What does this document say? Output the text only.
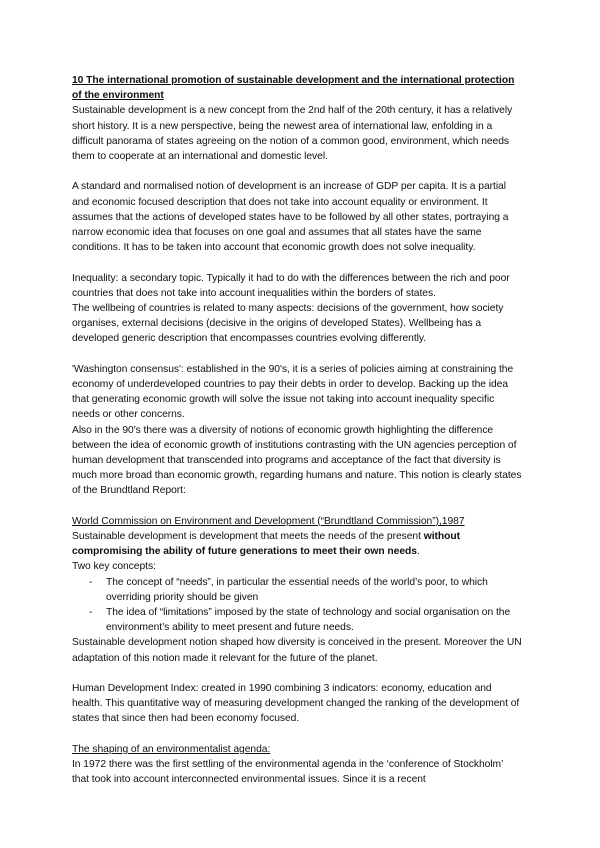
10 The international promotion of sustainable development and the international protection of the environment

Sustainable development is a new concept from the 2nd half of the 20th century, it has a relatively short history. It is a new perspective, being the newest area of international law, enfolding in a difficult panorama of states agreeing on the notion of a common good, environment, which needs them to cooperate at an international and domestic level.

A standard and normalised notion of development is an increase of GDP per capita. It is a partial and economic focused description that does not take into account equality or environment. It assumes that the actions of developed states have to be followed by all other states, portraying a narrow economic idea that focuses on one goal and assumes that all states have the same conditions. It has to be taken into account that economic growth does not solve inequality.

Inequality: a secondary topic. Typically it had to do with the differences between the rich and poor countries that does not take into account inequalities within the borders of states.

The wellbeing of countries is related to many aspects: decisions of the government, how society organises, external decisions (decisive in the origins of developed States). Wellbeing has a developed generic description that encompasses countries evolving differently.

'Washington consensus': established in the 90's, it is a series of policies aiming at constraining the economy of underdeveloped countries to pay their debts in order to develop. Backing up the idea that generating economic growth will solve the issue not taking into account inequality specific needs or other concerns.

Also in the 90's there was a diversity of notions of economic growth highlighting the difference between the idea of economic growth of institutions contrasting with the UN agencies perception of human development that transcended into programs and acceptance of the fact that diversity is much more broad than economic growth, regarding humans and nature. This notion is clearly states of the Brundtland Report:

World Commission on Environment and Development (“Brundtland Commission”),1987

Sustainable development is development that meets the needs of the present without compromising the ability of future generations to meet their own needs.

Two key concepts:

- The concept of “needs”, in particular the essential needs of the world’s poor, to which overriding priority should be given
- The idea of “limitations” imposed by the state of technology and social organisation on the environment’s ability to meet present and future needs.

Sustainable development notion shaped how diversity is conceived in the present. Moreover the UN adaptation of this notion made it relevant for the future of the planet.

Human Development Index: created in 1990 combining 3 indicators: economy, education and health. This quantitative way of measuring development changed the ranking of the development of states that since then had been economy focused.

The shaping of an environmentalist agenda:

In 1972 there was the first settling of the environmental agenda in the ‘conference of Stockholm’ that took into account interconnected environmental issues. Since it is a recent
